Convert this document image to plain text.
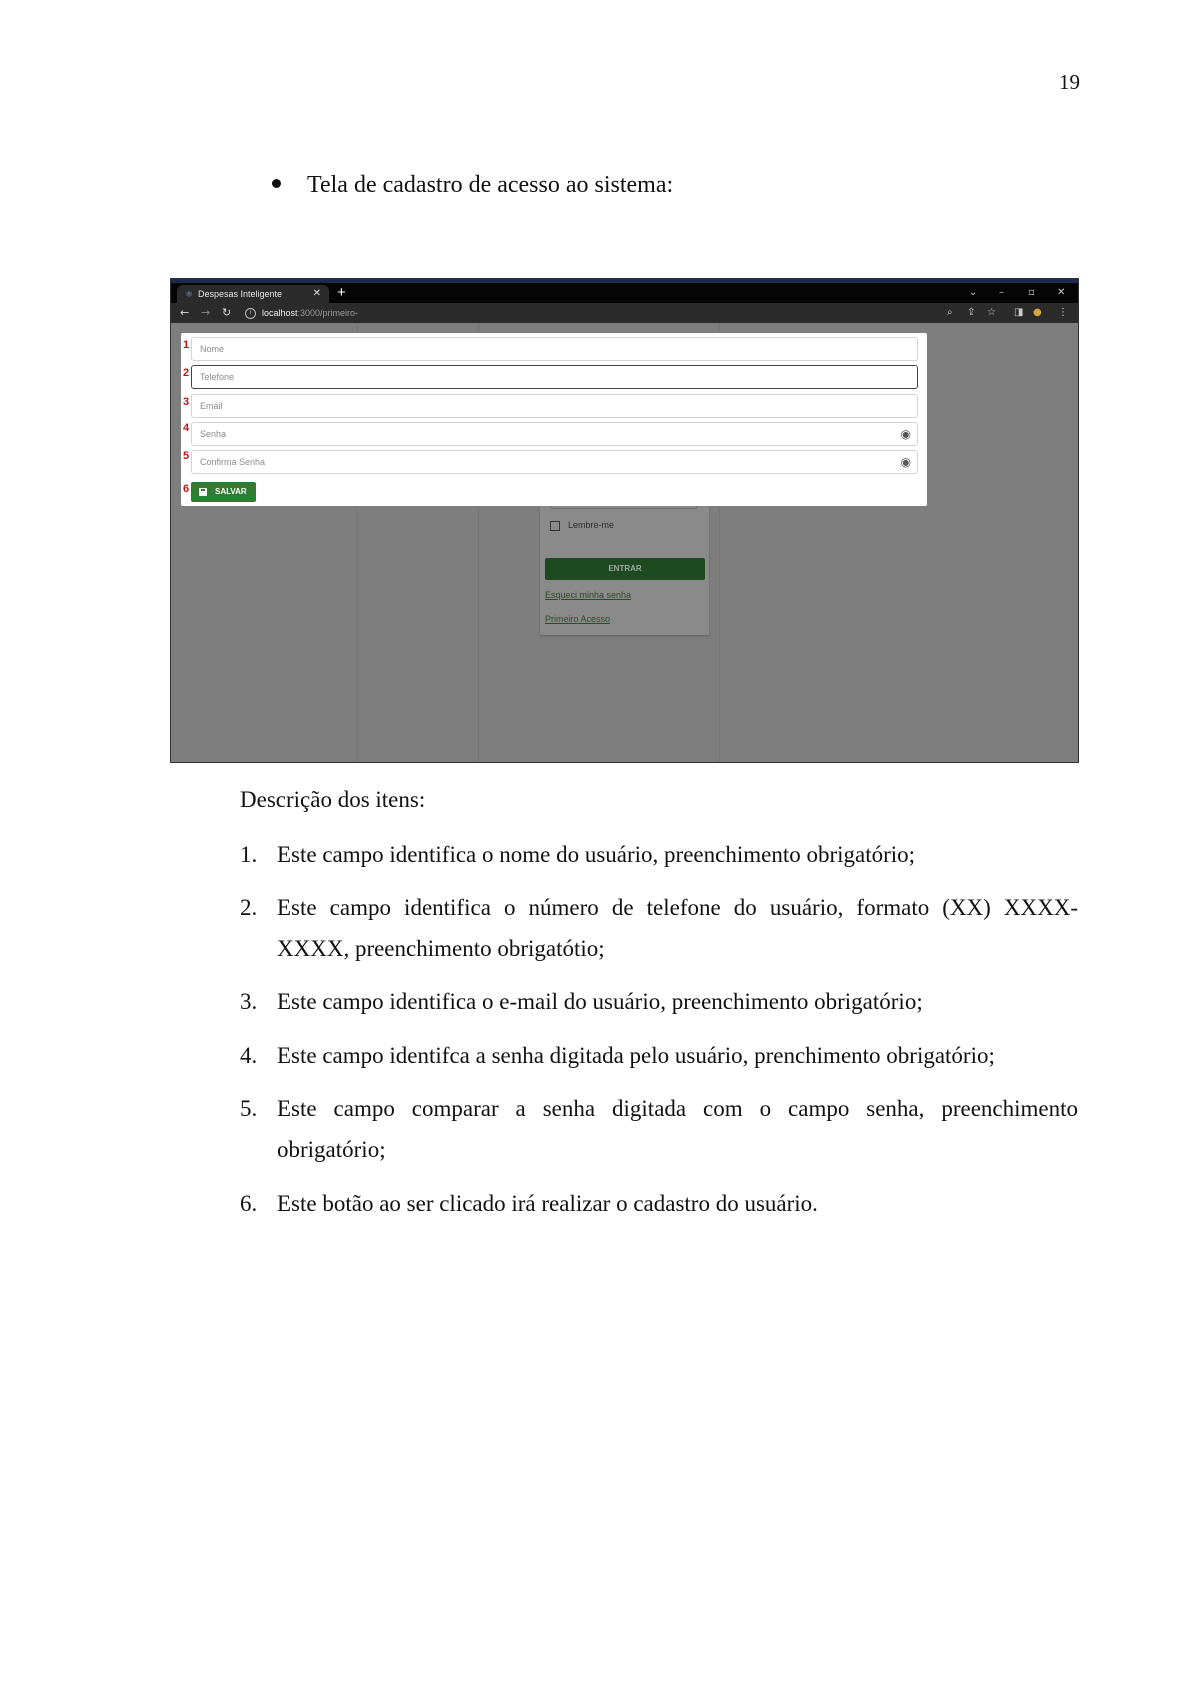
19
Tela de cadastro de acesso ao sistema:
⚛ Despesas Inteligente	✕ +	⌄ – ▫ ✕
← → ↻	i localhost:3000/primeiro-	⌕ ⇪ ☆ ◨ ● ⋮
Lembre-me
ENTRAR
Esqueci minha senha
Primeiro Acesso
1	Nome
2	Telefone
3	Email
4	Senha	◉
5	Confirma Senha	◉
6	SALVAR
Descrição dos itens:
1. Este campo identifica o nome do usuário, preenchimento obrigatório;
2. Este campo identifica o número de telefone do usuário, formato (XX) XXXX-
XXXX, preenchimento obrigatótio;
3. Este campo identifica o e-mail do usuário, preenchimento obrigatório;
4. Este campo identifca a senha digitada pelo usuário, prenchimento obrigatório;
5. Este campo comparar a senha digitada com o campo senha, preenchimento obrigatório;
6. Este botão ao ser clicado irá realizar o cadastro do usuário.
